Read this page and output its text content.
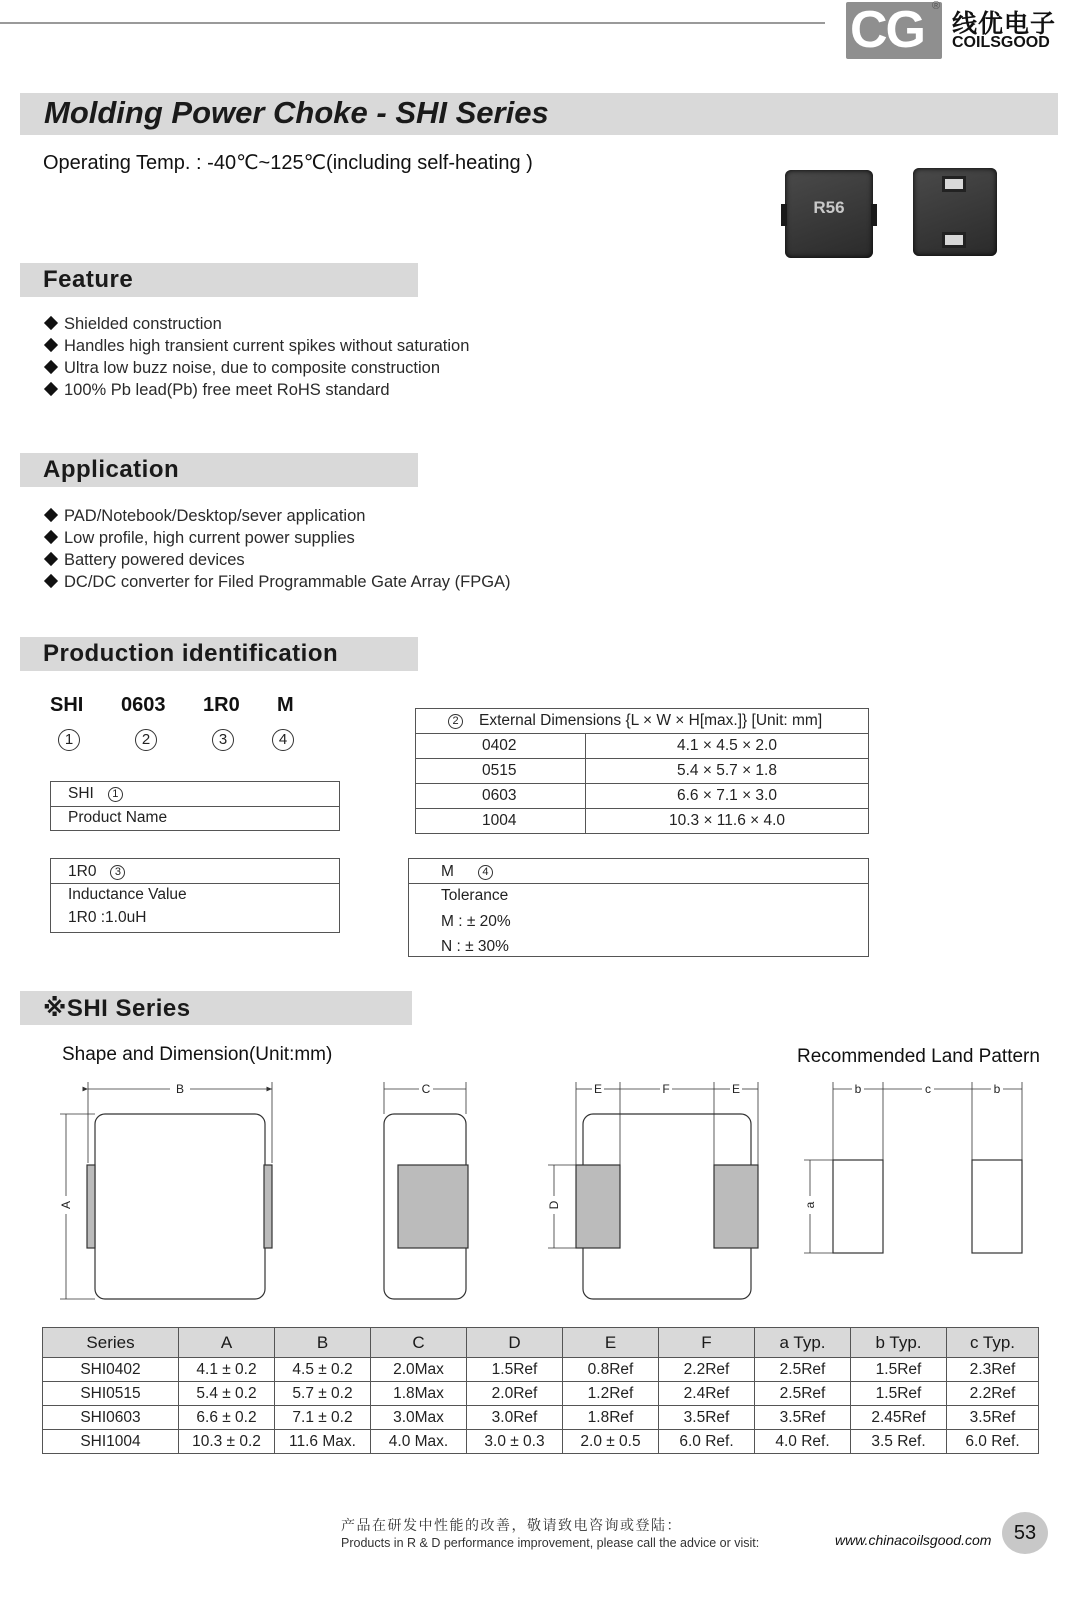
CG ®
线优电子
COILSGOOD
Molding Power Choke - SHI Series
Operating Temp. : -40℃~125℃(including self-heating )
R56
Feature
Shielded construction
Handles high transient current spikes without saturation
Ultra low buzz noise, due to composite construction
100% Pb lead(Pb) free meet RoHS standard
Application
PAD/Notebook/Desktop/sever application
Low profile, high current power supplies
Battery powered devices
DC/DC converter for Filed Programmable Gate Array (FPGA)
Production identification
SHI 0603 1R0 M
1	2	3	4
SHI 1
Product Name
2 External Dimensions {L × W × H[max.]} [Unit: mm]	
0402	4.1 × 4.5 × 2.0
0515	5.4 × 5.7 × 1.8
0603	6.6 × 7.1 × 3.0
1004	10.3 × 11.6 × 4.0
1R0 3
Inductance Value
1R0 :1.0uH
M	4
Tolerance
M : ± 20%
N : ± 30%
※SHI Series
Shape and Dimension(Unit:mm)	Recommended Land Pattern
B
A
C	E	F	E
D
b	c	b
a
Series	A	B	C	D	E	F	a Typ.	b Typ.	c Typ.
SHI0402	4.1 ± 0.2	4.5 ± 0.2	2.0Max	1.5Ref	0.8Ref	2.2Ref	2.5Ref	1.5Ref	2.3Ref
SHI0515	5.4 ± 0.2	5.7 ± 0.2	1.8Max	2.0Ref	1.2Ref	2.4Ref	2.5Ref	1.5Ref	2.2Ref
SHI0603	6.6 ± 0.2	7.1 ± 0.2	3.0Max	3.0Ref	1.8Ref	3.5Ref	3.5Ref	2.45Ref	3.5Ref
SHI1004	10.3 ± 0.2	11.6 Max.	4.0 Max.	3.0 ± 0.3	2.0 ± 0.5	6.0 Ref.	4.0 Ref.	3.5 Ref.	6.0 Ref.
产品在研发中性能的改善，敬请致电咨询或登陆：
Products in R & D performance improvement, please call the advice or visit:	www.chinacoilsgood.com	53
